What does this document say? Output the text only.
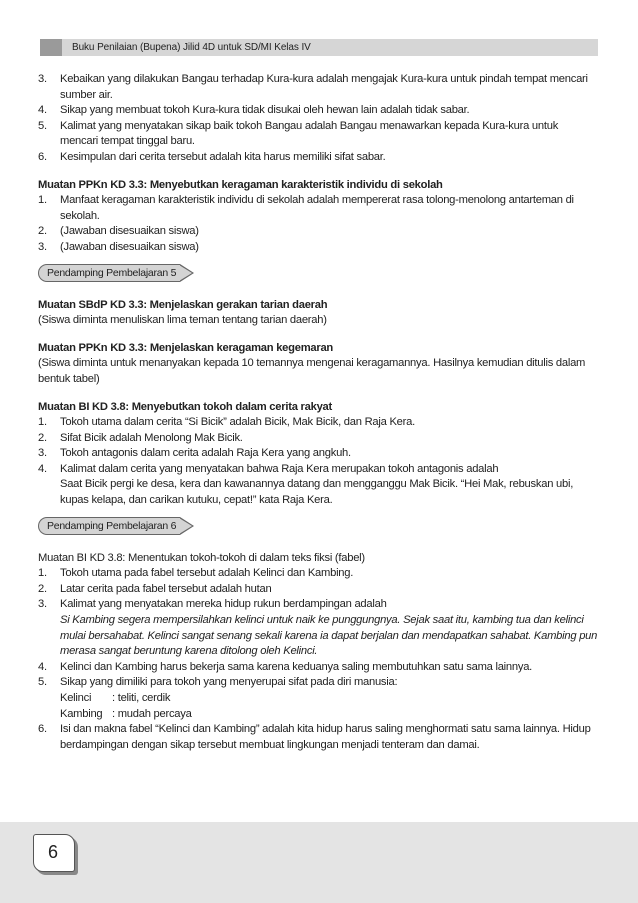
Buku Penilaian (Bupena) Jilid 4D untuk SD/MI Kelas IV
3.	Kebaikan yang dilakukan Bangau terhadap Kura-kura adalah mengajak Kura-kura untuk pindah tempat mencari sumber air.
4.	Sikap yang membuat tokoh Kura-kura tidak disukai oleh hewan lain adalah tidak sabar.
5.	Kalimat yang menyatakan sikap baik tokoh Bangau adalah Bangau menawarkan kepada Kura-kura untuk mencari tempat tinggal baru.
6.	Kesimpulan dari cerita tersebut adalah kita harus memiliki sifat sabar.
Muatan PPKn KD 3.3: Menyebutkan keragaman karakteristik individu di sekolah
1.	Manfaat keragaman karakteristik individu di sekolah adalah mempererat rasa tolong-menolong antarteman di sekolah.
2.	(Jawaban disesuaikan siswa)
3.	(Jawaban disesuaikan siswa)
Pendamping Pembelajaran 5
Muatan SBdP KD 3.3: Menjelaskan gerakan tarian daerah
(Siswa diminta menuliskan lima teman tentang tarian daerah)
Muatan PPKn KD 3.3: Menjelaskan keragaman kegemaran
(Siswa diminta untuk menanyakan kepada 10 temannya mengenai keragamannya. Hasilnya kemudian ditulis dalam bentuk tabel)
Muatan BI KD 3.8: Menyebutkan tokoh dalam cerita rakyat
1.	Tokoh utama dalam cerita “Si Bicik” adalah Bicik, Mak Bicik, dan Raja Kera.
2.	Sifat Bicik adalah Menolong Mak Bicik.
3.	Tokoh antagonis dalam cerita adalah Raja Kera yang angkuh.
4.	Kalimat dalam cerita yang menyatakan bahwa Raja Kera merupakan tokoh antagonis adalah
Saat Bicik pergi ke desa, kera dan kawanannya datang dan mengganggu Mak Bicik. “Hei Mak, rebuskan ubi, kupas kelapa, dan carikan kutuku, cepat!” kata Raja Kera.
Pendamping Pembelajaran 6
Muatan BI KD 3.8: Menentukan tokoh-tokoh di dalam teks fiksi (fabel)
1.	Tokoh utama pada fabel tersebut adalah Kelinci dan Kambing.
2.	Latar cerita pada fabel tersebut adalah hutan
3.	Kalimat yang menyatakan mereka hidup rukun berdampingan adalah
Si Kambing segera mempersilahkan kelinci untuk naik ke punggungnya. Sejak saat itu, kambing tua dan kelinci mulai bersahabat. Kelinci sangat senang sekali karena ia dapat berjalan dan mendapatkan sahabat. Kambing pun merasa sangat beruntung karena ditolong oleh Kelinci.
4.	Kelinci dan Kambing harus bekerja sama karena keduanya saling membutuhkan satu sama lainnya.
5.	Sikap yang dimiliki para tokoh yang menyerupai sifat pada diri manusia:
Kelinci	: teliti, cerdik
Kambing : mudah percaya
6.	Isi dan makna fabel “Kelinci dan Kambing” adalah kita hidup harus saling menghormati satu sama lainnya. Hidup berdampingan dengan sikap tersebut membuat lingkungan menjadi tenteram dan damai.
6
